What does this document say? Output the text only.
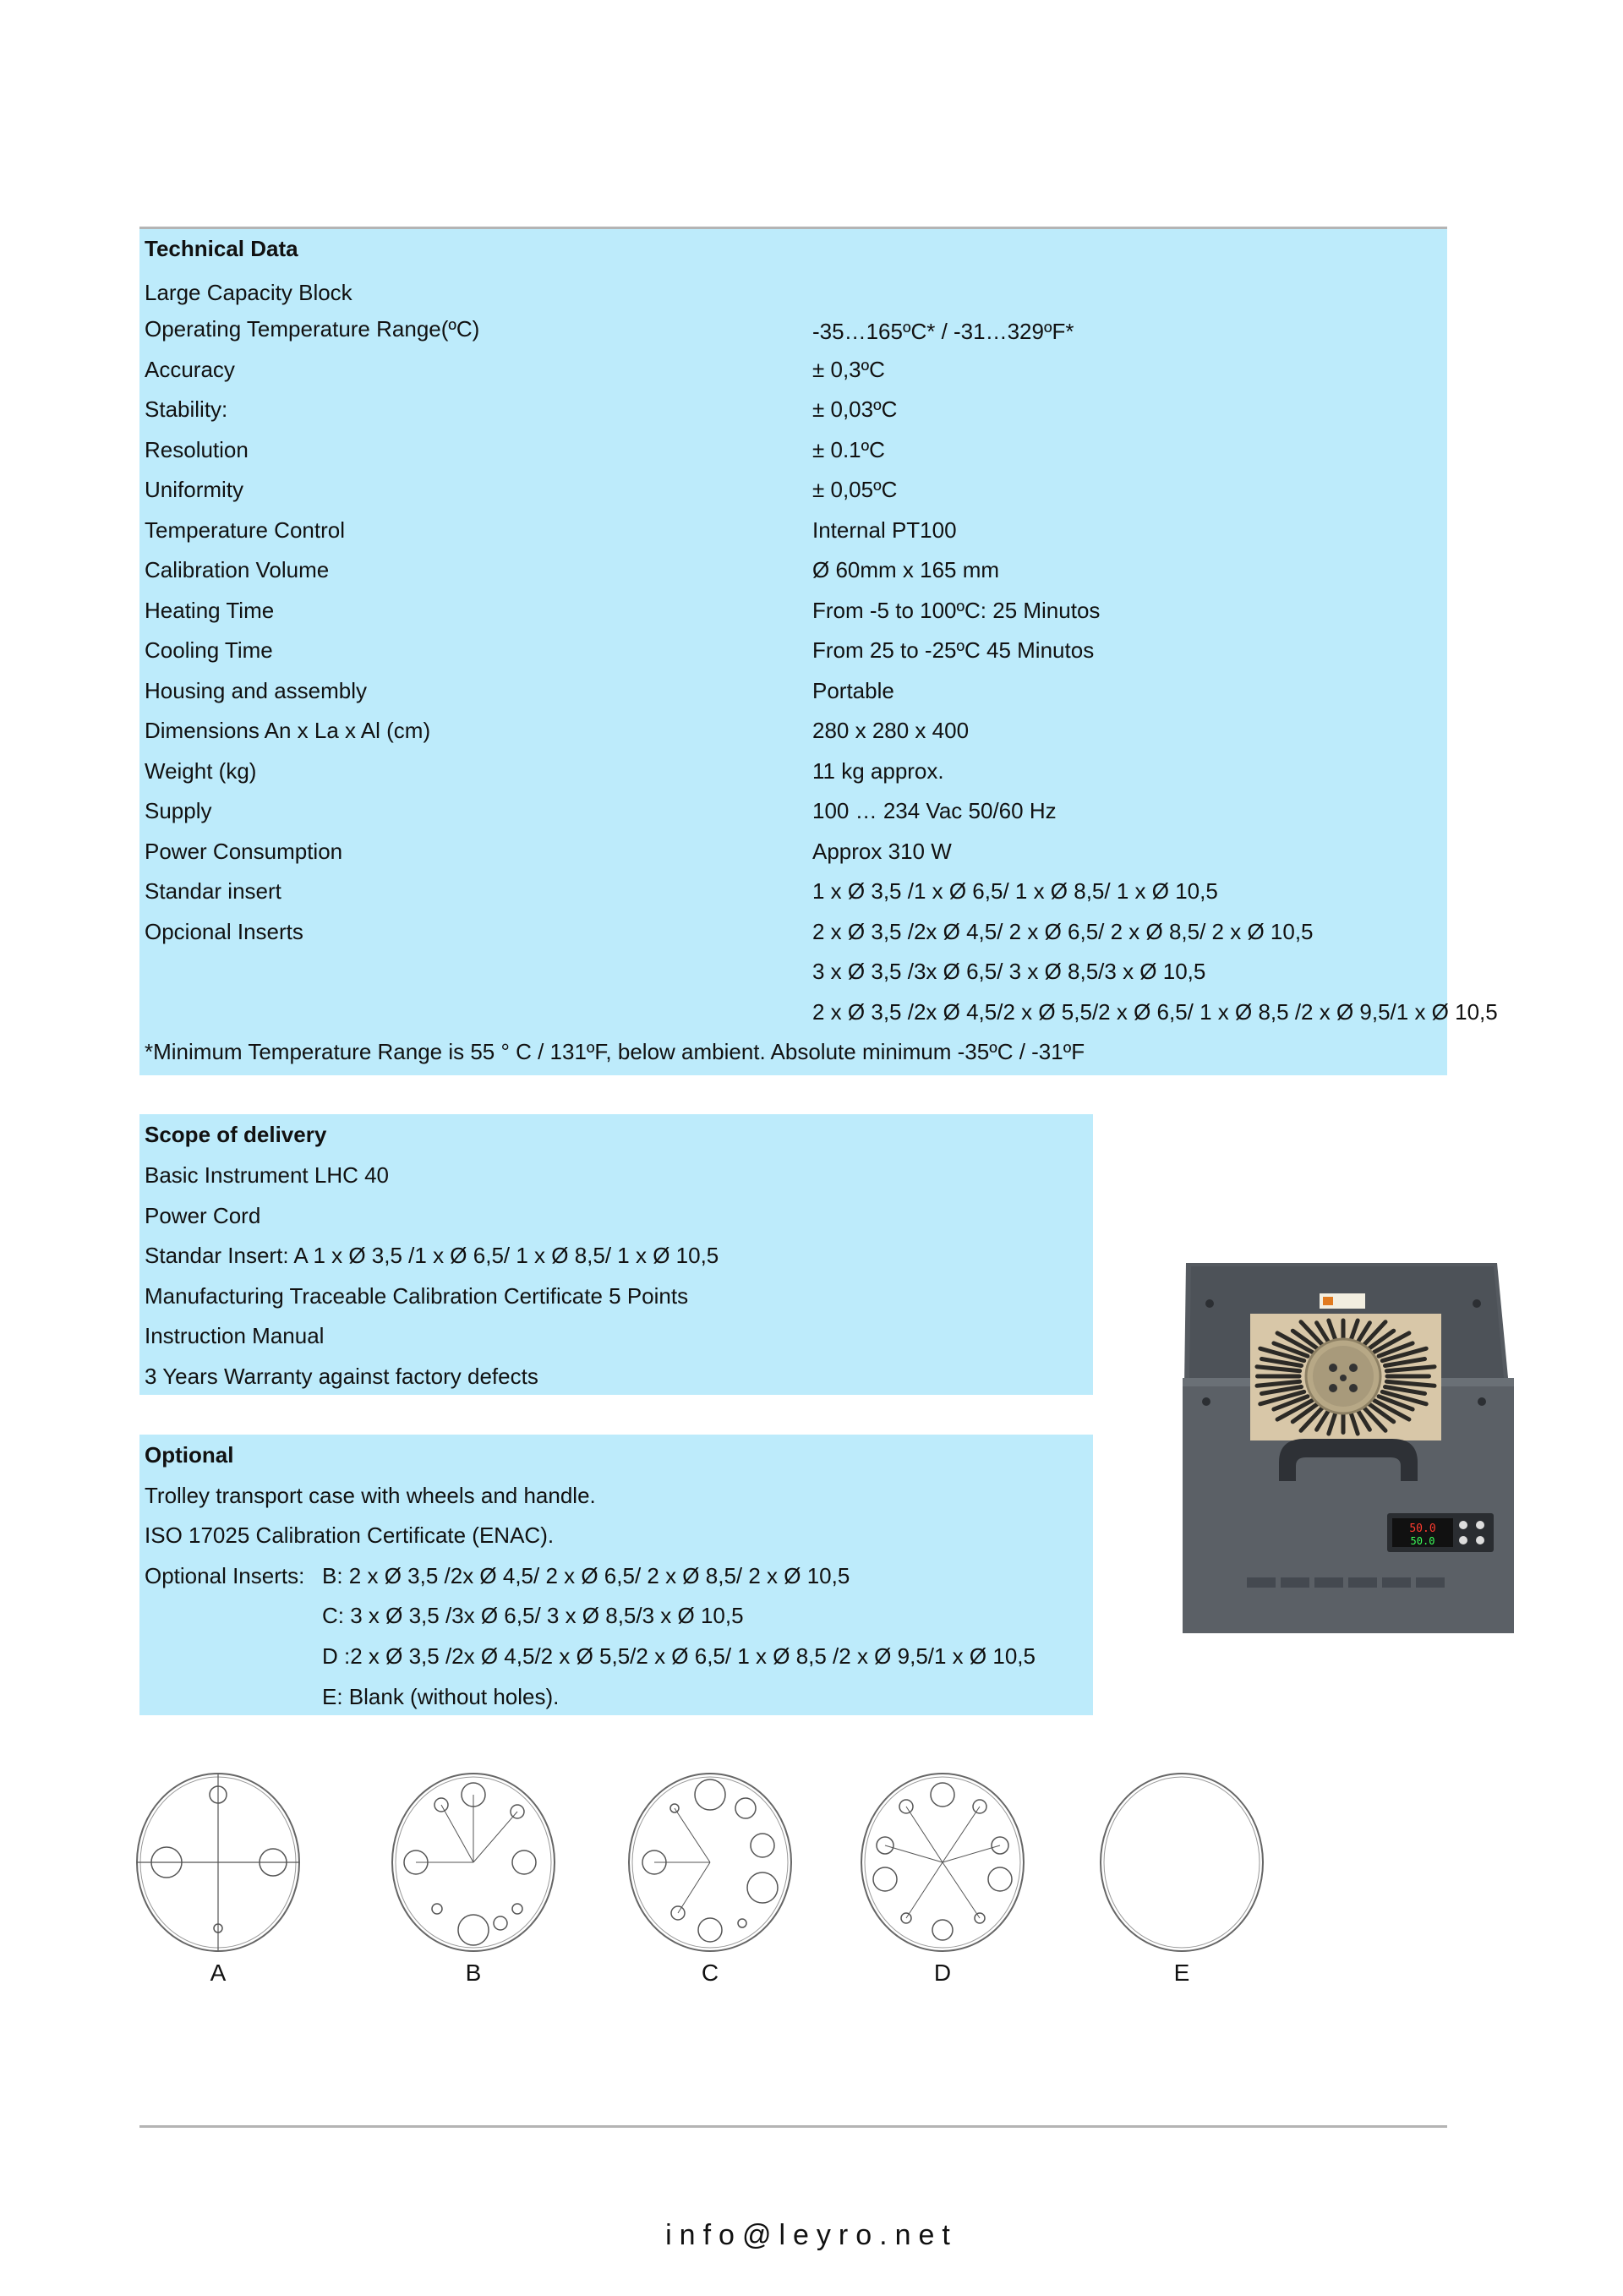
Technical Data
Large Capacity Block
Operating Temperature Range(ºC)	-35…165ºC* / -31…329ºF*
Accuracy	± 0,3ºC
Stability:	± 0,03ºC
Resolution	± 0.1ºC
Uniformity	± 0,05ºC
Temperature Control	Internal PT100
Calibration Volume	Ø 60mm x 165 mm
Heating Time	From -5 to 100ºC: 25 Minutos
Cooling Time	From 25 to -25ºC 45 Minutos
Housing and assembly	Portable
Dimensions An x La x Al (cm)	280 x 280 x 400
Weight (kg)	11 kg approx.
Supply	100 … 234 Vac 50/60 Hz
Power Consumption	Approx 310 W
Standar insert	1 x Ø 3,5 /1 x Ø 6,5/ 1 x Ø 8,5/ 1 x Ø 10,5
Opcional Inserts	2 x Ø 3,5 /2x Ø 4,5/ 2 x Ø 6,5/ 2 x Ø 8,5/ 2 x Ø 10,5
3 x Ø 3,5 /3x Ø 6,5/ 3 x Ø 8,5/3 x Ø 10,5
2 x Ø 3,5 /2x Ø 4,5/2 x Ø 5,5/2 x Ø 6,5/ 1 x Ø 8,5 /2 x Ø 9,5/1 x Ø 10,5
*Minimum Temperature Range is 55 ° C / 131ºF, below ambient. Absolute minimum -35ºC / -31ºF
Scope of delivery
Basic Instrument LHC 40
Power Cord
Standar Insert: A 1 x Ø 3,5 /1 x Ø 6,5/ 1 x Ø 8,5/ 1 x Ø 10,5
Manufacturing Traceable Calibration Certificate 5 Points
Instruction Manual
3 Years Warranty against factory defects
Optional
Trolley transport case with wheels and handle.
ISO 17025 Calibration Certificate (ENAC).
Optional Inserts: B: 2 x Ø 3,5 /2x Ø 4,5/ 2 x Ø 6,5/ 2 x Ø 8,5/ 2 x Ø 10,5
C: 3 x Ø 3,5 /3x Ø 6,5/ 3 x Ø 8,5/3 x Ø 10,5
D :2 x Ø 3,5 /2x Ø 4,5/2 x Ø 5,5/2 x Ø 6,5/ 1 x Ø 8,5 /2 x Ø 9,5/1 x Ø 10,5
E: Blank (without holes).
50.0
50.0
A	B	C	D	E
info@leyro.net
